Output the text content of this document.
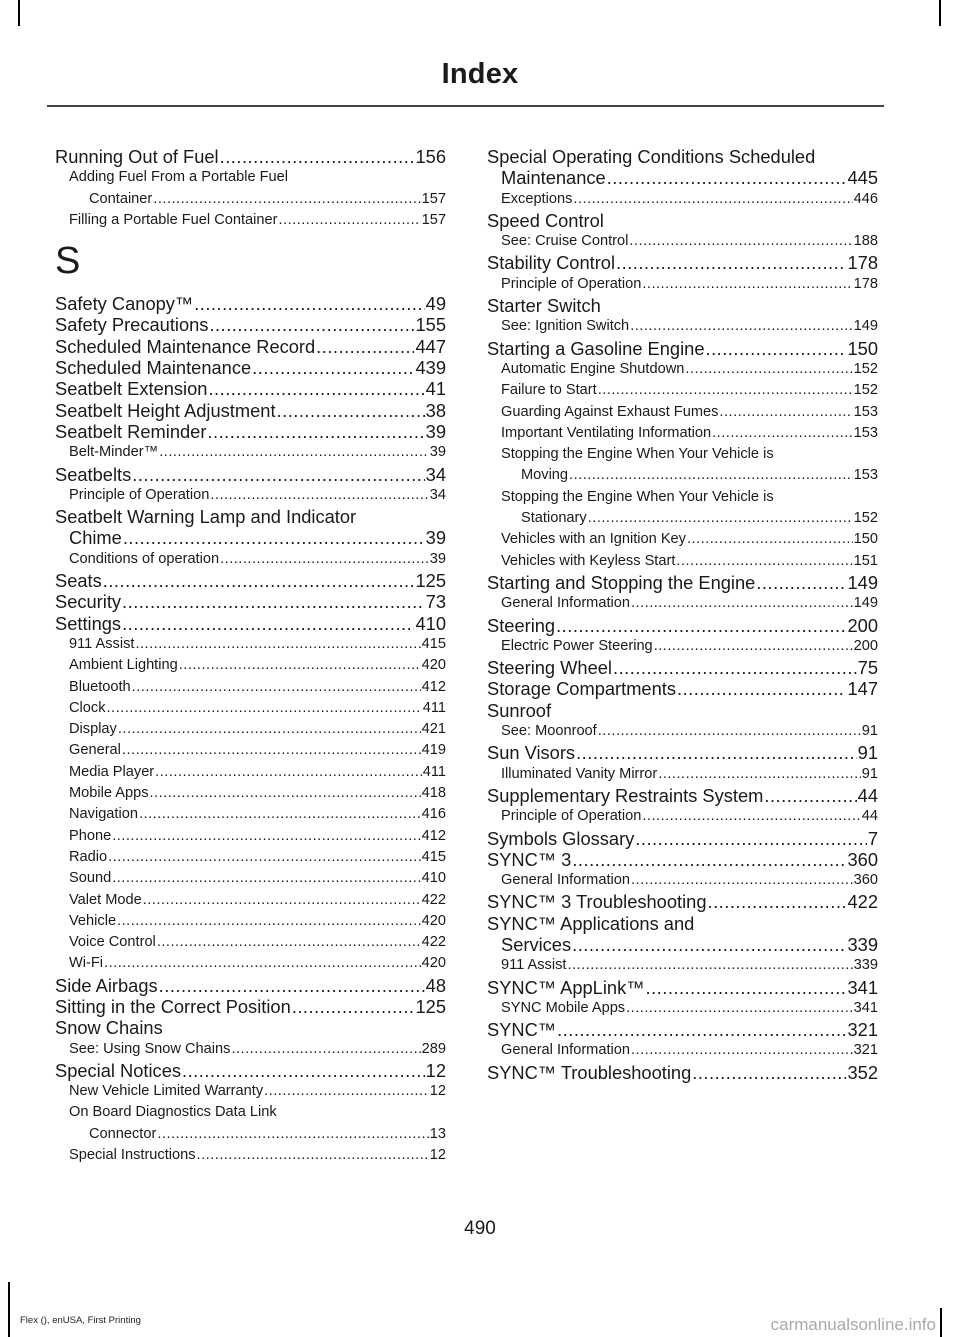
Index
Running Out of Fuel .....	156
Adding Fuel From a Portable Fuel
Container .....	157
Filling a Portable Fuel Container .....	157
S
Safety Canopy™ .....	49
Safety Precautions .....	155
Scheduled Maintenance Record .....	447
Scheduled Maintenance .....	439
Seatbelt Extension .....	41
Seatbelt Height Adjustment .....	38
Seatbelt Reminder .....	39
Belt-Minder™ .....	39
Seatbelts .....	34
Principle of Operation .....	34
Seatbelt Warning Lamp and Indicator
Chime .....	39
Conditions of operation .....	39
Seats .....	125
Security .....	73
Settings .....	410
911 Assist .....	415
Ambient Lighting .....	420
Bluetooth .....	412
Clock .....	411
Display .....	421
General .....	419
Media Player .....	411
Mobile Apps .....	418
Navigation .....	416
Phone .....	412
Radio .....	415
Sound .....	410
Valet Mode .....	422
Vehicle .....	420
Voice Control .....	422
Wi-Fi .....	420
Side Airbags .....	48
Sitting in the Correct Position .....	125
Snow Chains
See: Using Snow Chains .....	289
Special Notices .....	12
New Vehicle Limited Warranty .....	12
On Board Diagnostics Data Link
Connector .....	13
Special Instructions .....	12
Special Operating Conditions Scheduled
Maintenance .....	445
Exceptions .....	446
Speed Control
See: Cruise Control .....	188
Stability Control .....	178
Principle of Operation .....	178
Starter Switch
See: Ignition Switch .....	149
Starting a Gasoline Engine .....	150
Automatic Engine Shutdown .....	152
Failure to Start .....	152
Guarding Against Exhaust Fumes .....	153
Important Ventilating Information .....	153
Stopping the Engine When Your Vehicle is
Moving .....	153
Stopping the Engine When Your Vehicle is
Stationary .....	152
Vehicles with an Ignition Key .....	150
Vehicles with Keyless Start .....	151
Starting and Stopping the Engine .....	149
General Information .....	149
Steering .....	200
Electric Power Steering .....	200
Steering Wheel .....	75
Storage Compartments .....	147
Sunroof
See: Moonroof .....	91
Sun Visors .....	91
Illuminated Vanity Mirror .....	91
Supplementary Restraints System .....	44
Principle of Operation .....	44
Symbols Glossary .....	7
SYNC™ 3 .....	360
General Information .....	360
SYNC™ 3 Troubleshooting .....	422
SYNC™ Applications and
Services .....	339
911 Assist .....	339
SYNC™ AppLink™ .....	341
SYNC Mobile Apps .....	341
SYNC™ .....	321
General Information .....	321
SYNC™ Troubleshooting .....	352
490
Flex (), enUSA, First Printing	carmanualsonline.info
